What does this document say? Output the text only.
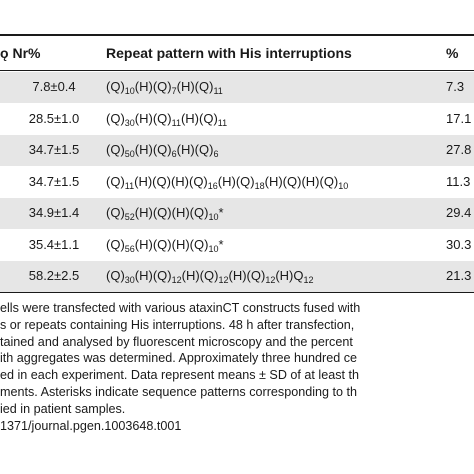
ǫ Nr%	Repeat pattern with His interruptions	%
7.8±0.4	$(Q)_{10}(H)(Q)_7(H)(Q)_{11}$	7.3
28.5±1.0	$(Q)_{30}(H)(Q)_{11}(H)(Q)_{11}$	17.1
34.7±1.5	$(Q)_{50}(H)(Q)_6(H)(Q)_6$	27.8
34.7±1.5	$(Q)_{11}(H)(Q)(H)(Q)_{16}(H)(Q)_{18}(H)(Q)(H)(Q)_{10}$	11.3
34.9±1.4	$(Q)_{52}(H)(Q)(H)(Q)_{10}*$	29.4
35.4±1.1	$(Q)_{56}(H)(Q)(H)(Q)_{10}*$	30.3
58.2±2.5	$(Q)_{30}(H)(Q)_{12}(H)(Q)_{12}(H)(Q)_{12}(H)Q_{12}$	21.3
ells were transfected with various ataxinCT constructs fused with
s or repeats containing His interruptions. 48 h after transfection,
tained and analysed by fluorescent microscopy and the percent
ith aggregates was determined. Approximately three hundred ce
ed in each experiment. Data represent means ± SD of at least th
ments. Asterisks indicate sequence patterns corresponding to th
ied in patient samples.
1371/journal.pgen.1003648.t001
